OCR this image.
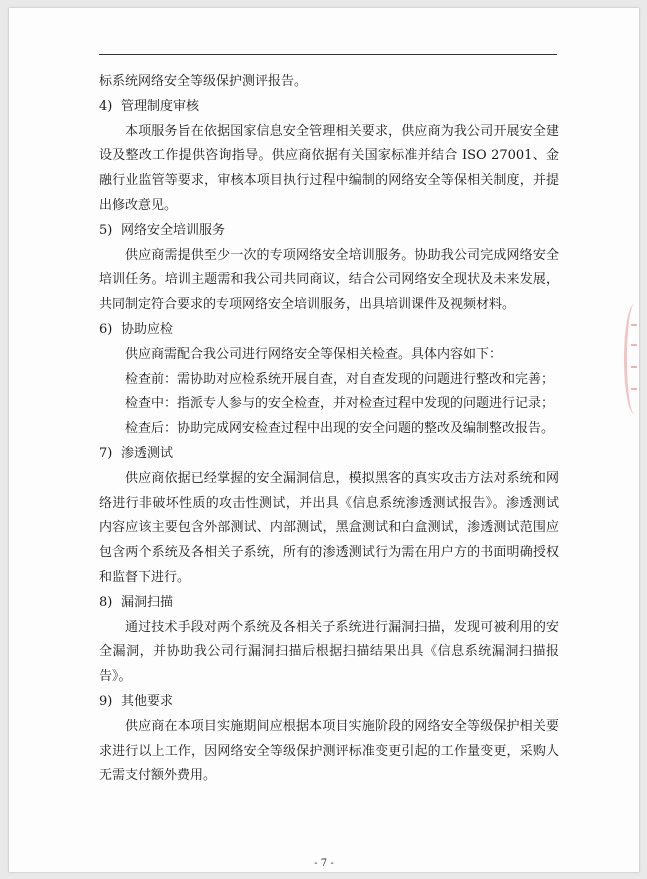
标系统网络安全等级保护测评报告。

4) 管理制度审核

本项服务旨在依据国家信息安全管理相关要求，供应商为我公司开展安全建设及整改工作提供咨询指导。供应商依据有关国家标准并结合 ISO 27001、金融行业监管等要求，审核本项目执行过程中编制的网络安全等保相关制度，并提出修改意见。

5) 网络安全培训服务

供应商需提供至少一次的专项网络安全培训服务。协助我公司完成网络安全培训任务。培训主题需和我公司共同商议，结合公司网络安全现状及未来发展，共同制定符合要求的专项网络安全培训服务，出具培训课件及视频材料。

6) 协助应检

供应商需配合我公司进行网络安全等保相关检查。具体内容如下：

检查前：需协助对应检系统开展自查，对自查发现的问题进行整改和完善；

检查中：指派专人参与的安全检查，并对检查过程中发现的问题进行记录；

检查后：协助完成网安检查过程中出现的安全问题的整改及编制整改报告。

7) 渗透测试

供应商依据已经掌握的安全漏洞信息，模拟黑客的真实攻击方法对系统和网络进行非破坏性质的攻击性测试，并出具《信息系统渗透测试报告》。渗透测试内容应该主要包含外部测试、内部测试，黑盒测试和白盒测试，渗透测试范围应包含两个系统及各相关子系统，所有的渗透测试行为需在用户方的书面明确授权和监督下进行。

8) 漏洞扫描

通过技术手段对两个系统及各相关子系统进行漏洞扫描，发现可被利用的安全漏洞，并协助我公司行漏洞扫描后根据扫描结果出具《信息系统漏洞扫描报告》。

9) 其他要求

供应商在本项目实施期间应根据本项目实施阶段的网络安全等级保护相关要求进行以上工作，因网络安全等级保护测评标准变更引起的工作量变更，采购人无需支付额外费用。

- 7 -
